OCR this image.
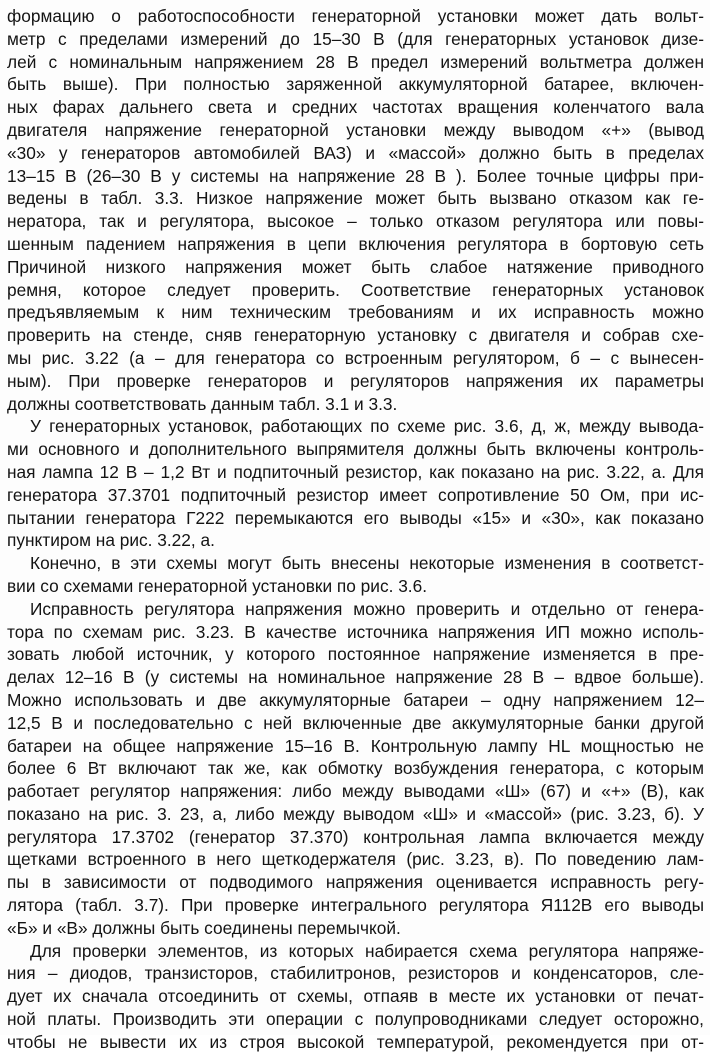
формацию о работоспособности генераторной установки может дать вольт-
метр с пределами измерений до 15–30 В (для генераторных установок дизе-
лей с номинальным напряжением 28 В предел измерений вольтметра должен
быть выше). При полностью заряженной аккумуляторной батарее, включен-
ных фарах дальнего света и средних частотах вращения коленчатого вала
двигателя напряжение генераторной установки между выводом «+» (вывод
«30» у генераторов автомобилей ВАЗ) и «массой» должно быть в пределах
13–15 В (26–30 В у системы на напряжение 28 В ). Более точные цифры при-
ведены в табл. 3.3. Низкое напряжение может быть вызвано отказом как ге-
нератора, так и регулятора, высокое – только отказом регулятора или повы-
шенным падением напряжения в цепи включения регулятора в бортовую сеть
Причиной низкого напряжения может быть слабое натяжение приводного
ремня, которое следует проверить. Соответствие генераторных установок
предъявляемым к ним техническим требованиям и их исправность можно
проверить на стенде, сняв генераторную установку с двигателя и собрав схе-
мы рис. 3.22 (а – для генератора со встроенным регулятором, б – с вынесен-
ным). При проверке генераторов и регуляторов напряжения их параметры
должны соответствовать данным табл. 3.1 и 3.3.
У генераторных установок, работающих по схеме рис. 3.6, д, ж, между выводa-
ми основного и дополнительного выпрямителя должны быть включены контроль-
ная лампа 12 В – 1,2 Вт и подпиточный резистор, как показано на рис. 3.22, а. Для
генератора 37.3701 подпиточный резистор имеет сопротивление 50 Ом, при ис-
пытании генератора Г222 перемыкаются его выводы «15» и «30», как показано
пунктиром на рис. 3.22, а.
Конечно, в эти схемы могут быть внесены некоторые изменения в соответст-
вии со схемами генераторной установки по рис. 3.6.
Исправность регулятора напряжения можно проверить и отдельно от генера-
тора по схемам рис. 3.23. В качестве источника напряжения ИП можно исполь-
зовать любой источник, у которого постоянное напряжение изменяется в пре-
делах 12–16 В (у системы на номинальное напряжение 28 В – вдвое больше).
Можно использовать и две аккумуляторные батареи – одну напряжением 12–
12,5 В и последовательно с ней включенные две аккумуляторные банки другой
батареи на общее напряжение 15–16 В. Контрольную лампу HL мощностью не
более 6 Вт включают так же, как обмотку возбуждения генератора, с которым
работает регулятор напряжения: либо между выводами «Ш» (67) и «+» (В), как
показано на рис. 3. 23, а, либо между выводом «Ш» и «массой» (рис. 3.23, б). У
регулятора 17.3702 (генератор 37.370) контрольная лампа включается между
щетками встроенного в него щеткодержателя (рис. 3.23, в). По поведению лам-
пы в зависимости от подводимого напряжения оценивается исправность регу-
лятора (табл. 3.7). При проверке интегрального регулятора Я112В его выводы
«Б» и «В» должны быть соединены перемычкой.
Для проверки элементов, из которых набирается схема регулятора напряже-
ния – диодов, транзисторов, стабилитронов, резисторов и конденсаторов, сле-
дует их сначала отсоединить от схемы, отпаяв в месте их установки от печат-
ной платы. Производить эти операции с полупроводниками следует осторожно,
чтобы не вывести их из строя высокой температурой, рекомендуется при от-
